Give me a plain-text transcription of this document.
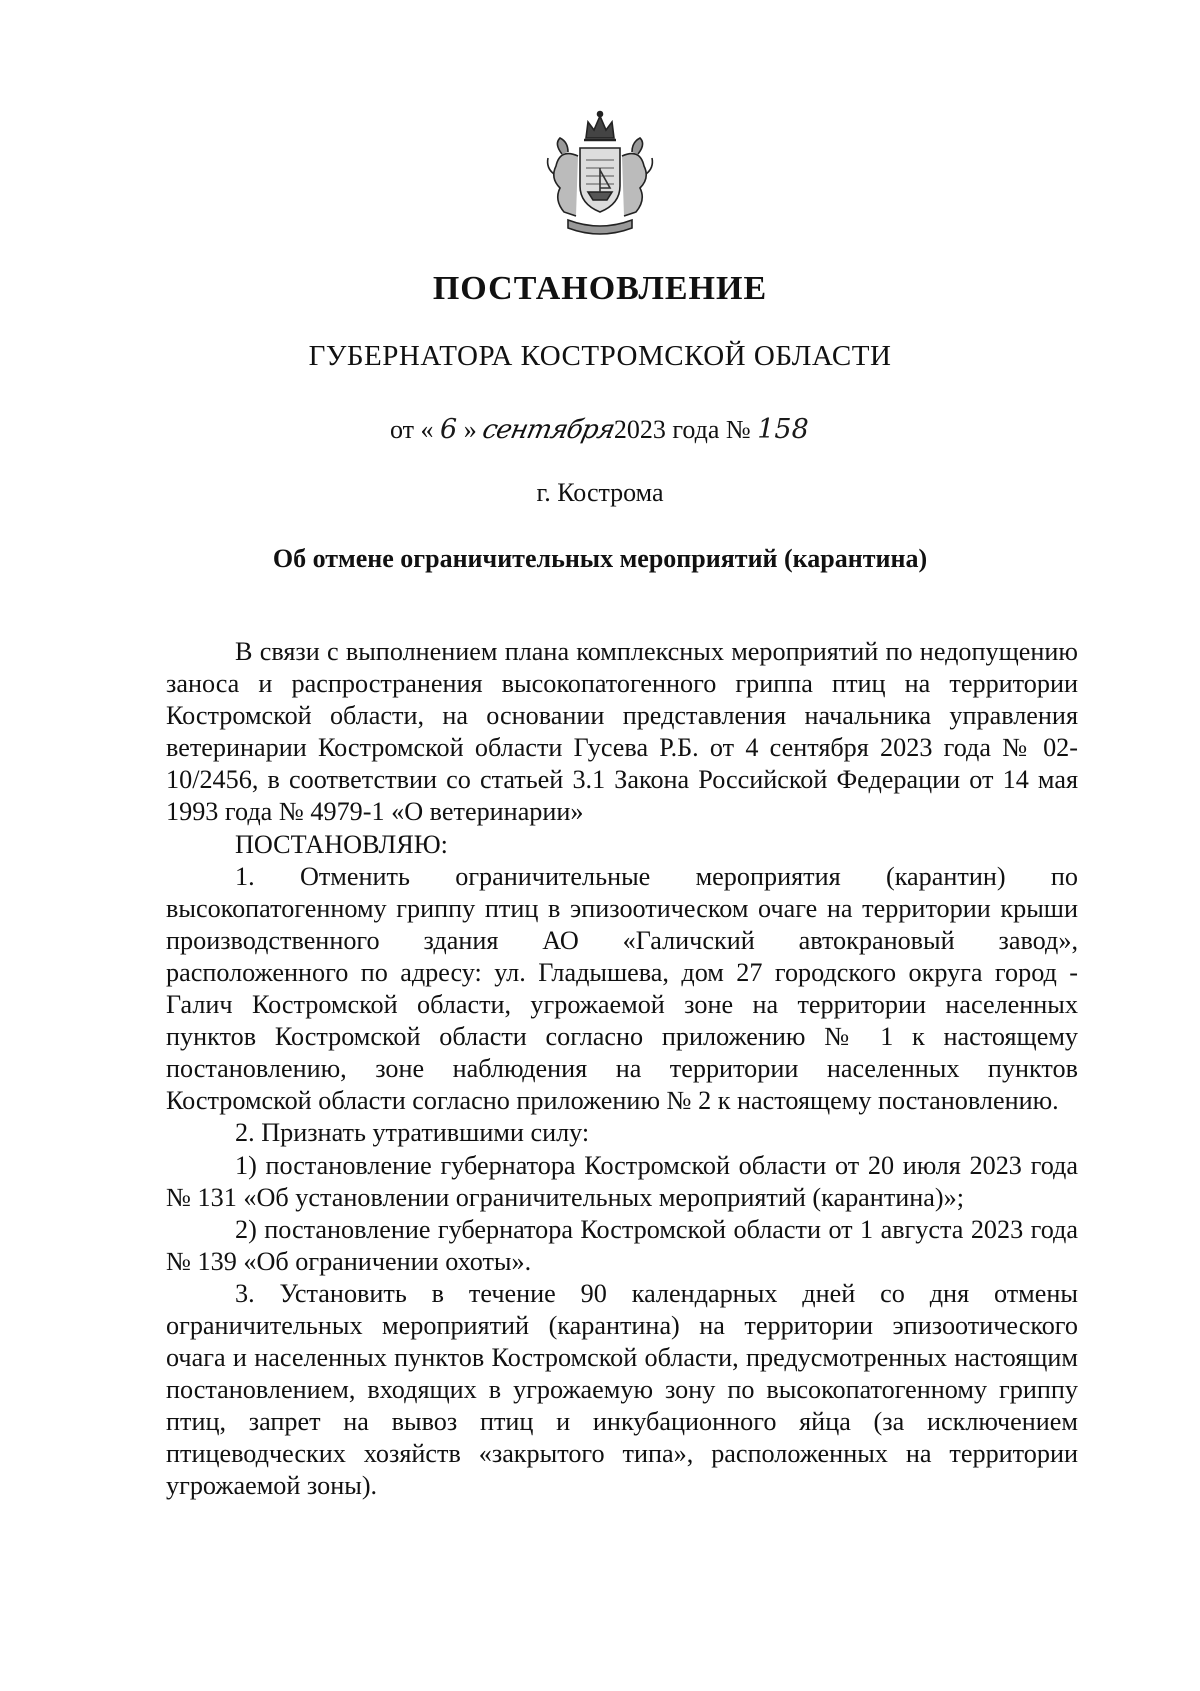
ПОСТАНОВЛЕНИЕ
ГУБЕРНАТОРА КОСТРОМСКОЙ ОБЛАСТИ
от « 6 » сентября2023 года № 158
г. Кострома
Об отмене ограничительных мероприятий (карантина)

В связи с выполнением плана комплексных мероприятий по недопущению заноса и распространения высокопатогенного гриппа птиц на территории Костромской области, на основании представления начальника управления ветеринарии Костромской области Гусева Р.Б. от 4 сентября 2023 года № 02-10/2456, в соответствии со статьей 3.1 Закона Российской Федерации от 14 мая 1993 года № 4979-1 «О ветеринарии»

ПОСТАНОВЛЯЮ:

1. Отменить ограничительные мероприятия (карантин) по высокопатогенному гриппу птиц в эпизоотическом очаге на территории крыши производственного здания АО «Галичский автокрановый завод», расположенного по адресу: ул. Гладышева, дом 27 городского округа город - Галич Костромской области, угрожаемой зоне на территории населенных пунктов Костромской области согласно приложению № 1 к настоящему постановлению, зоне наблюдения на территории населенных пунктов Костромской области согласно приложению № 2 к настоящему постановлению.

2. Признать утратившими силу:

1) постановление губернатора Костромской области от 20 июля 2023 года № 131 «Об установлении ограничительных мероприятий (карантина)»;

2) постановление губернатора Костромской области от 1 августа 2023 года № 139 «Об ограничении охоты».

3. Установить в течение 90 календарных дней со дня отмены ограничительных мероприятий (карантина) на территории эпизоотического очага и населенных пунктов Костромской области, предусмотренных настоящим постановлением, входящих в угрожаемую зону по высокопатогенному гриппу птиц, запрет на вывоз птиц и инкубационного яйца (за исключением птицеводческих хозяйств «закрытого типа», расположенных на территории угрожаемой зоны).
